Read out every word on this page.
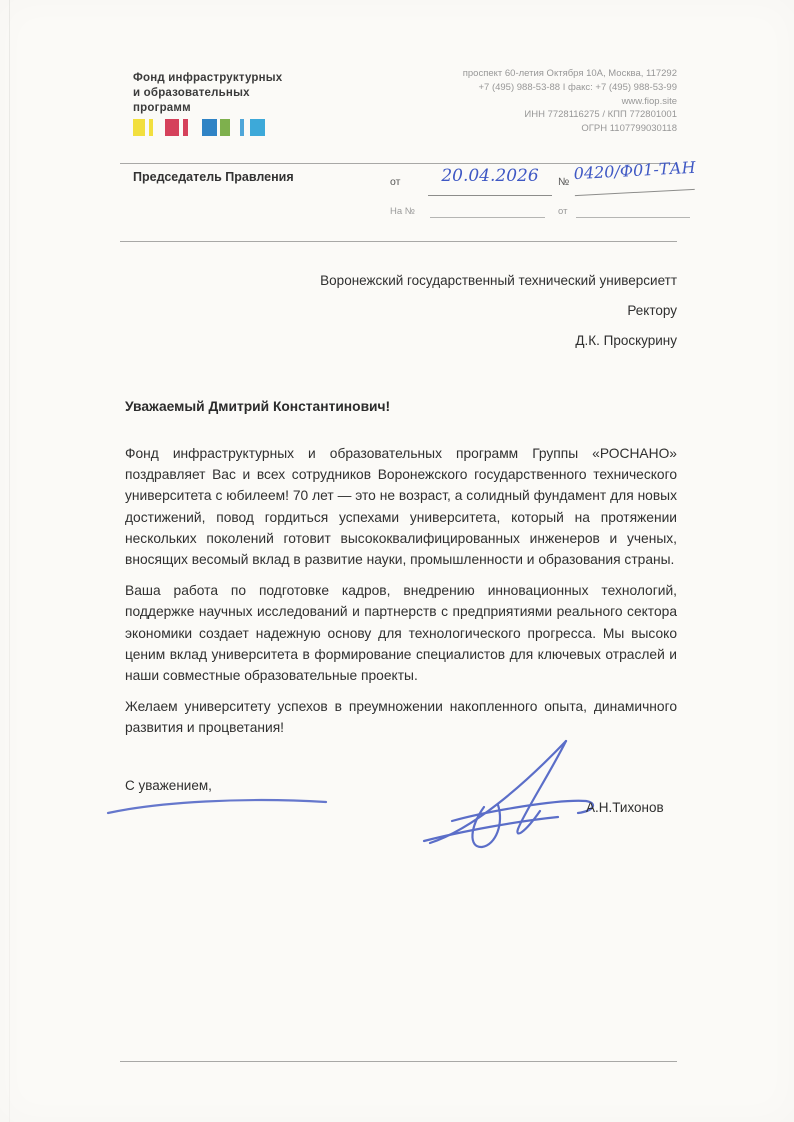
Фонд инфраструктурных
и образовательных
программ
проспект 60-летия Октября 10А, Москва, 117292
+7 (495) 988-53-88 I факс: +7 (495) 988-53-99
www.fiop.site
ИНН 7728116275 / КПП 772801001
ОГРН 1107799030118
Председатель Правления	от	20.04.2026	№ 0420/Ф01-ТАН
На №	от
Воронежский государственный технический универсиетт
Ректору
Д.К. Проскурину
Уважаемый Дмитрий Константинович!

Фонд инфраструктурных и образовательных программ Группы «РОСНАНО» поздравляет Вас и всех сотрудников Воронежского государственного технического университета с юбилеем! 70 лет — это не возраст, а солидный фундамент для новых достижений, повод гордиться успехами университета, который на протяжении нескольких поколений готовит высококвалифицированных инженеров и ученых, вносящих весомый вклад в развитие науки, промышленности и образования страны.

Ваша работа по подготовке кадров, внедрению инновационных технологий, поддержке научных исследований и партнерств с предприятиями реального сектора экономики создает надежную основу для технологического прогресса. Мы высоко ценим вклад университета в формирование специалистов для ключевых отраслей и наши совместные образовательные проекты.

Желаем университету успехов в преумножении накопленного опыта, динамичного развития и процветания!

С уважением,
А.Н.Тихонов
